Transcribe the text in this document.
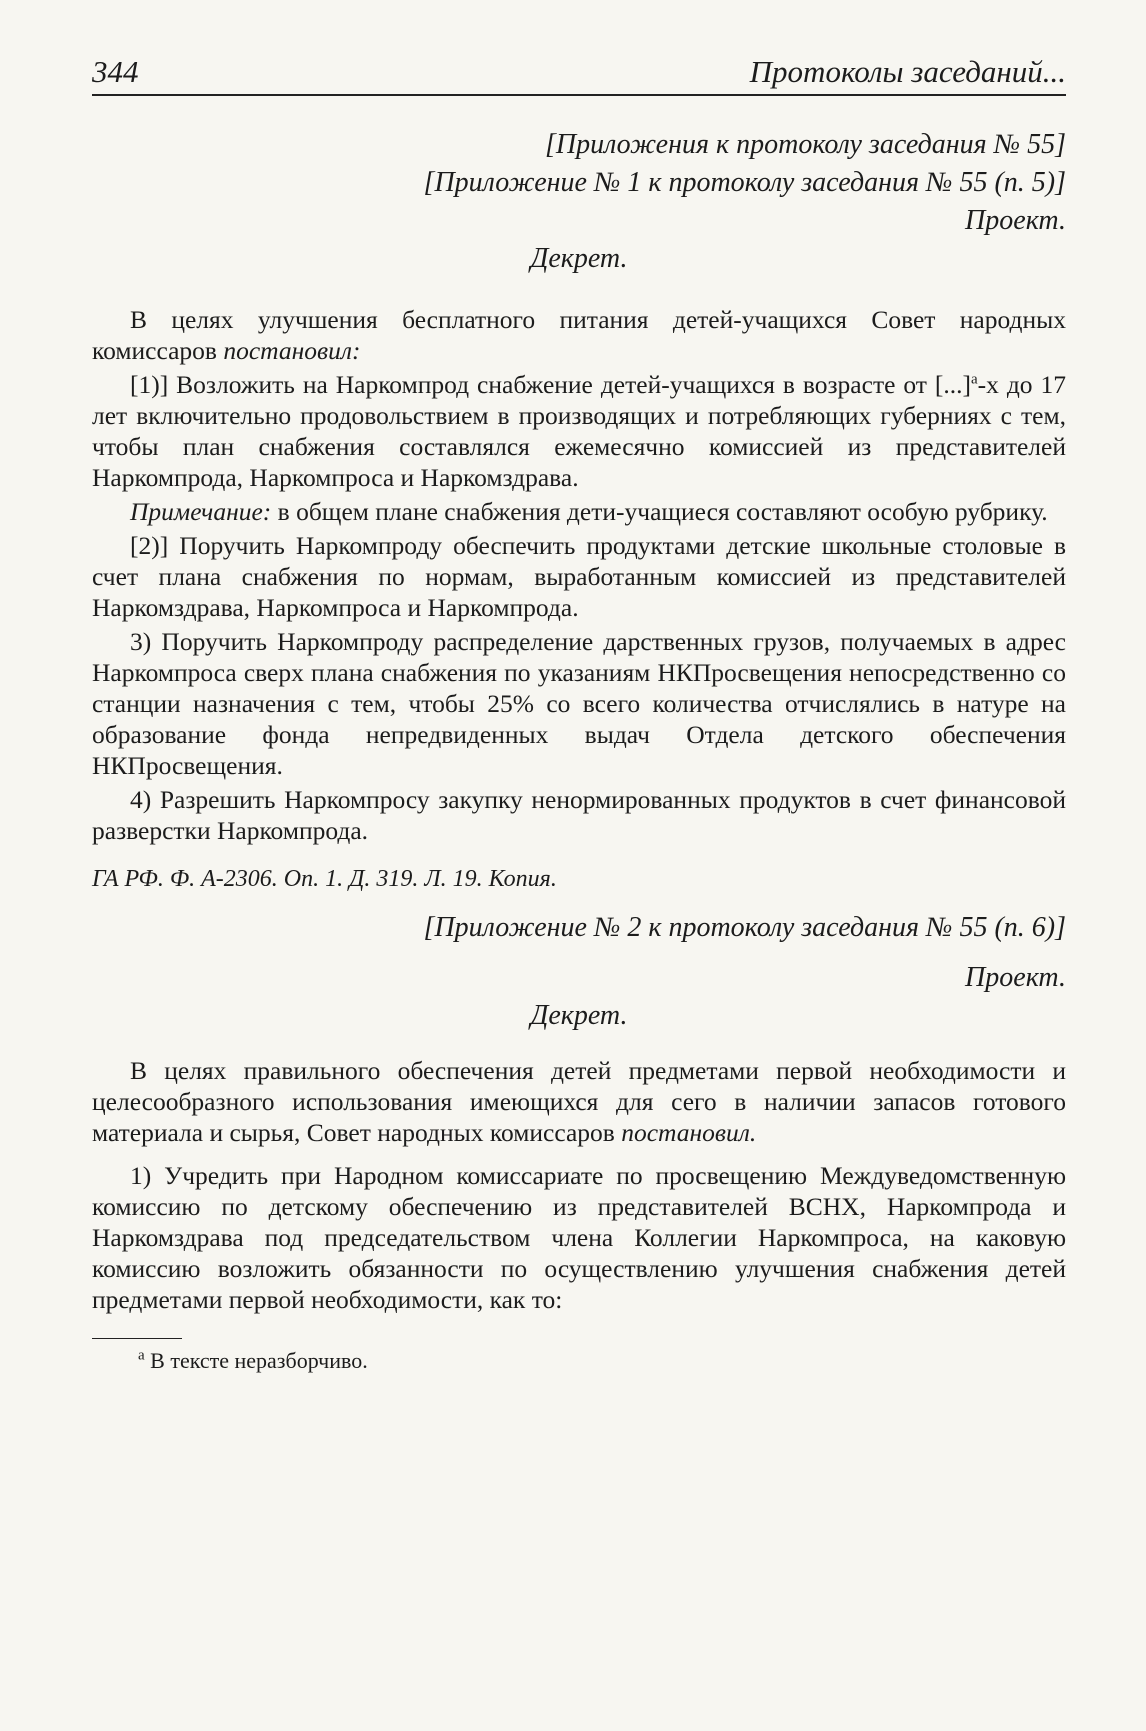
344	Протоколы заседаний...
[Приложения к протоколу заседания № 55]
[Приложение № 1 к протоколу заседания № 55 (п. 5)]
Проект.
Декрет.

В целях улучшения бесплатного питания детей-учащихся Совет народных комиссаров постановил:

[1)] Возложить на Наркомпрод снабжение детей-учащихся в возрасте от [...]$^а$-х до 17 лет включительно продовольствием в производящих и потребляющих губерниях с тем, чтобы план снабжения составлялся ежемесячно комиссией из представителей Наркомпрода, Наркомпроса и Наркомздрава.

Примечание: в общем плане снабжения дети-учащиеся составляют особую рубрику.

[2)] Поручить Наркомпроду обеспечить продуктами детские школьные столовые в счет плана снабжения по нормам, выработанным комиссией из представителей Наркомздрава, Наркомпроса и Наркомпрода.

3) Поручить Наркомпроду распределение дарственных грузов, получаемых в адрес Наркомпроса сверх плана снабжения по указаниям НКПросвещения непосредственно со станции назначения с тем, чтобы 25% со всего количества отчислялись в натуре на образование фонда непредвиденных выдач Отдела детского обеспечения НКПросвещения.

4) Разрешить Наркомпросу закупку ненормированных продуктов в счет финансовой разверстки Наркомпрода.

ГА РФ. Ф. А-2306. Оп. 1. Д. 319. Л. 19. Копия.
[Приложение № 2 к протоколу заседания № 55 (п. 6)]
Проект.
Декрет.

В целях правильного обеспечения детей предметами первой необходимости и целесообразного использования имеющихся для сего в наличии запасов готового материала и сырья, Совет народных комиссаров постановил.

1) Учредить при Народном комиссариате по просвещению Междуведомственную комиссию по детскому обеспечению из представителей ВСНХ, Наркомпрода и Наркомздрава под председательством члена Коллегии Наркомпроса, на каковую комиссию возложить обязанности по осуществлению улучшения снабжения детей предметами первой необходимости, как то:

$^а$ В тексте неразборчиво.
